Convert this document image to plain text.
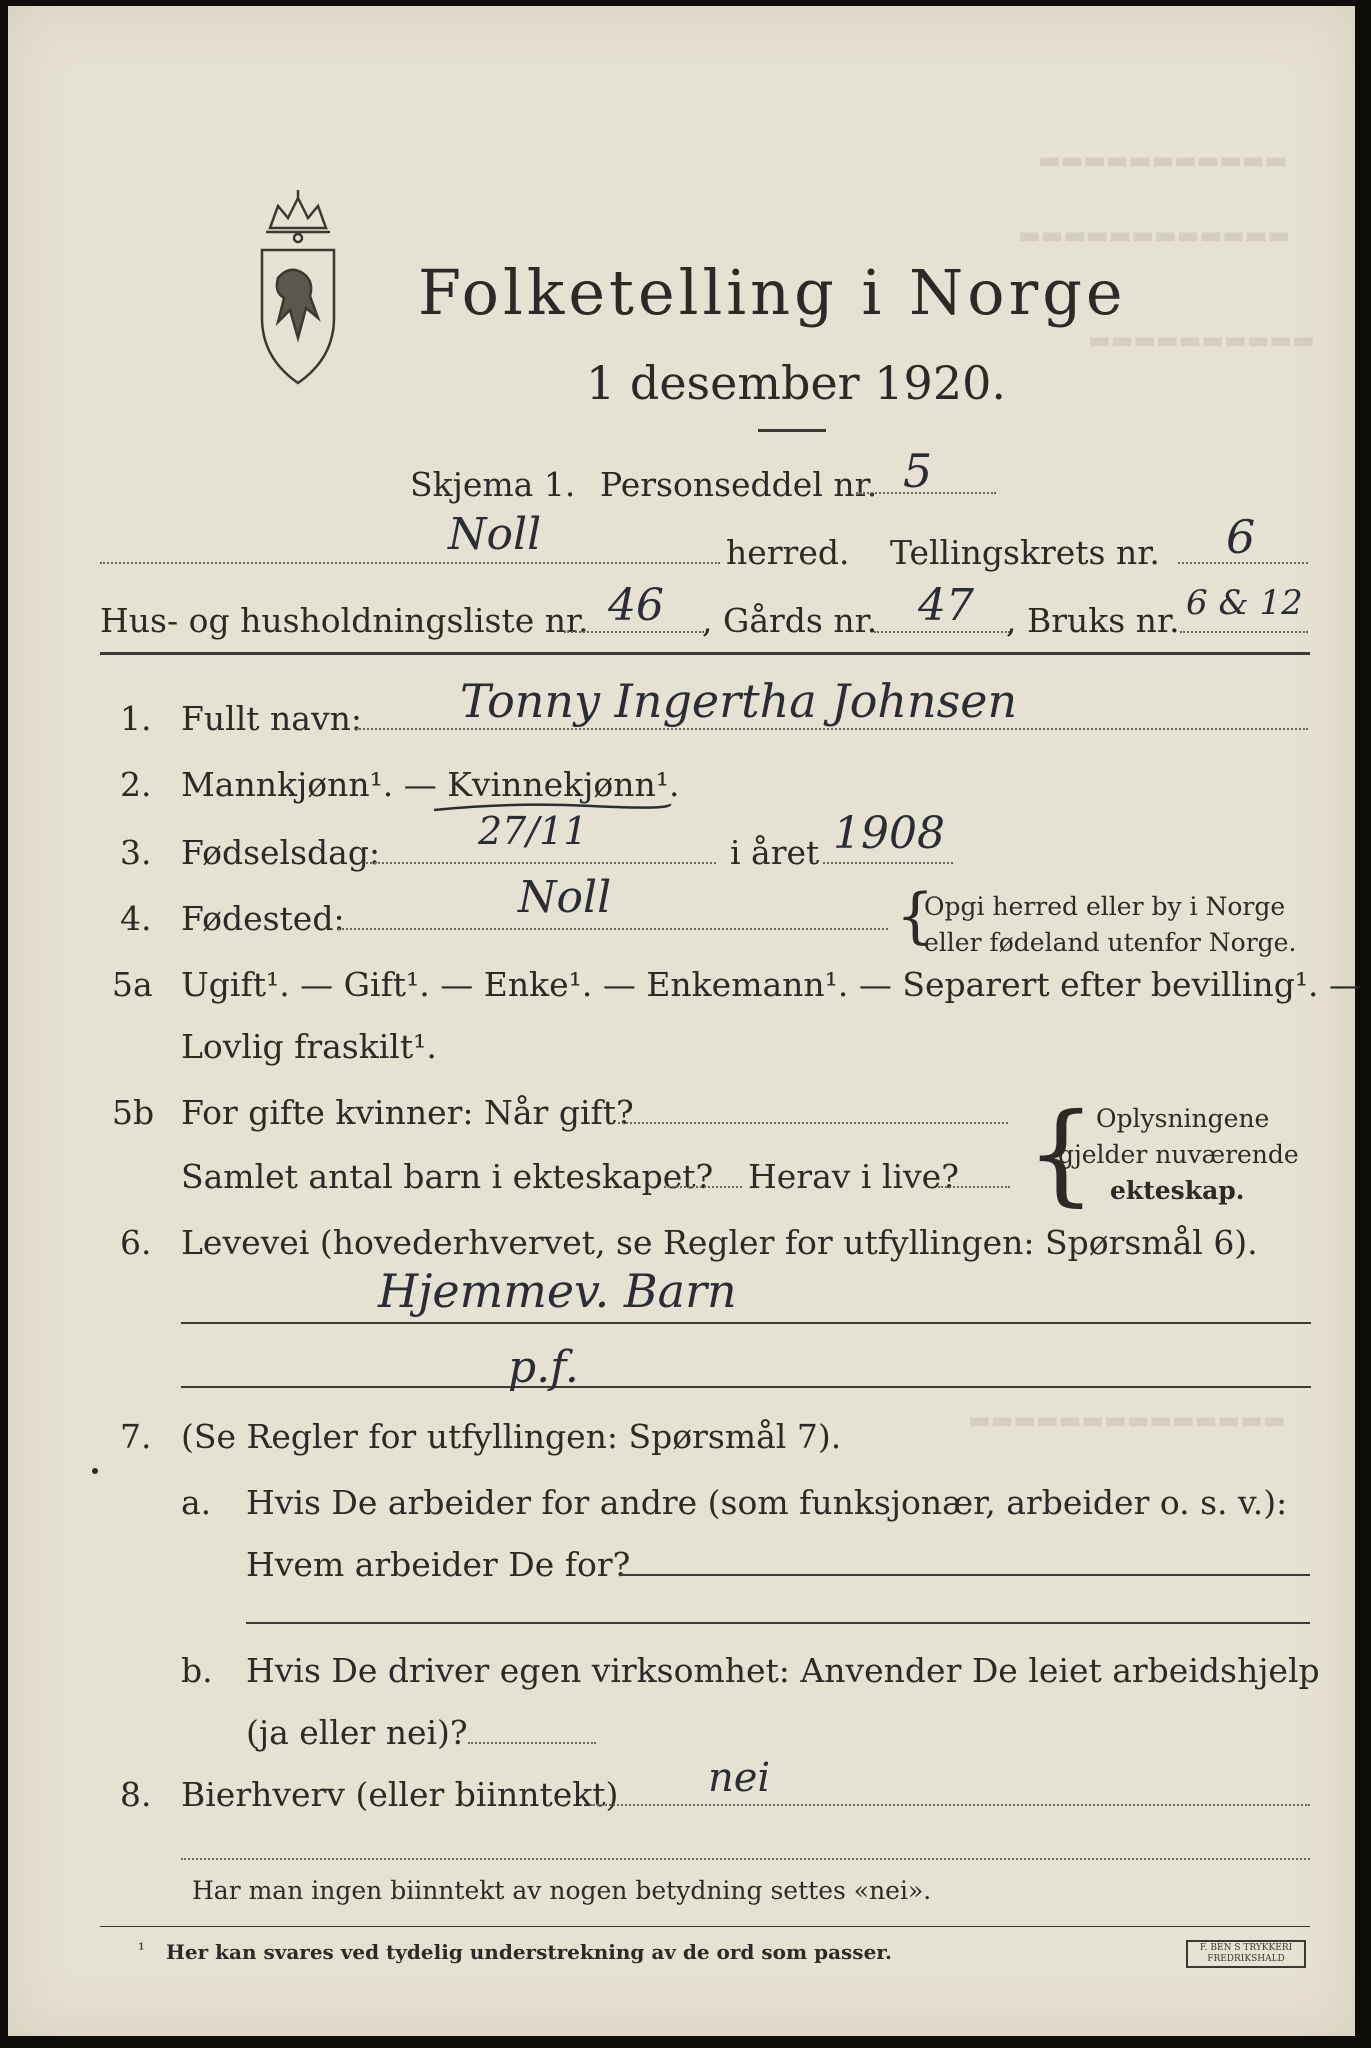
▬▬▬▬▬▬▬▬▬▬▬
▬▬▬▬▬▬▬▬▬▬▬▬
▬▬▬▬▬▬▬▬▬▬
▬▬▬▬▬▬▬▬▬▬▬▬▬▬
Folketelling i Norge
1 desember 1920.
Skjema 1. Personseddel nr. 5
Noll	herred. Tellingskrets nr. 6
Hus- og husholdningsliste nr. 46 , Gårds nr. 47 , Bruks nr. 6 & 12
1. Fullt navn: Tonny Ingertha Johnsen
2. Mannkjønn¹. — Kvinnekjønn¹.
3. Fødselsdag:	27/11	i året 1908
4. Fødested:	Noll	{
Opgi herred eller by i Norge
eller fødeland utenfor Norge.
5a Ugift¹. — Gift¹. — Enke¹. — Enkemann¹. — Separert efter bevilling¹. —
Lovlig fraskilt¹.
5b For gifte kvinner: Når gift?
Samlet antal barn i ekteskapet? Herav i live? { Oplysningene
gjelder nuværende
ekteskap.
6. Levevei (hovederhvervet, se Regler for utfyllingen: Spørsmål 6).
Hjemmev. Barn
p.f.
7. (Se Regler for utfyllingen: Spørsmål 7).
a. Hvis De arbeider for andre (som funksjonær, arbeider o. s. v.):
Hvem arbeider De for?
b. Hvis De driver egen virksomhet: Anvender De leiet arbeidshjelp
(ja eller nei)?
8. Bierhverv (eller biinntekt) nei
Har man ingen biinntekt av nogen betydning settes «nei».
¹ Her kan svares ved tydelig understrekning av de ord som passer.	F. BEN S TRYKKERI FREDRIKSHALD
